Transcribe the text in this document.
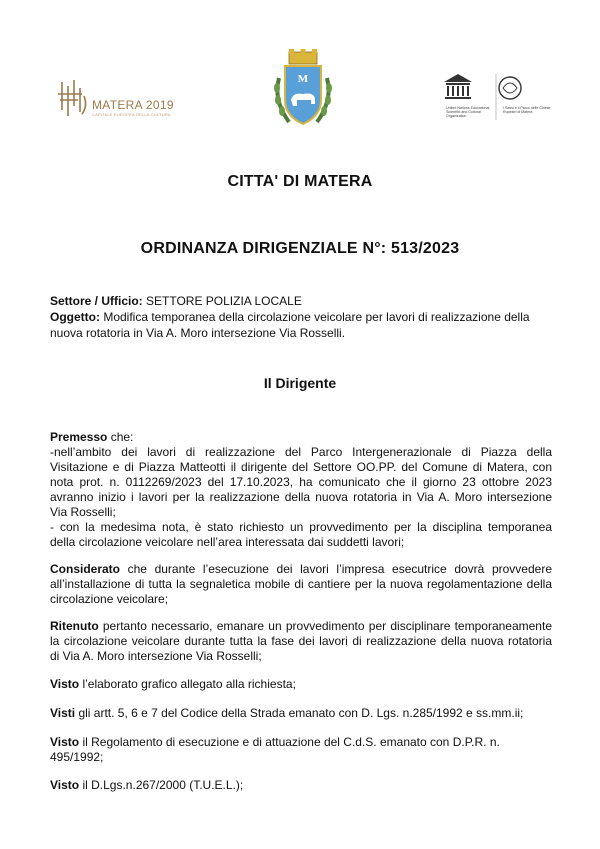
MATERA 2019
CAPITALE EUROPEA DELLA CULTURA
M
United Nations Educational, Scientific and Cultural Organization
I Sassi e il Parco delle Chiese Rupestri di Matera
CITTA' DI MATERA
ORDINANZA DIRIGENZIALE N°: 513/2023
Settore / Ufficio: SETTORE POLIZIA LOCALE
Oggetto: Modifica temporanea della circolazione veicolare per lavori di realizzazione della
nuova rotatoria in Via A. Moro intersezione Via Rosselli.
Il Dirigente
Premesso che:
-nell’ambito dei lavori di realizzazione del Parco Intergenerazionale di Piazza della
Visitazione e di Piazza Matteotti il dirigente del Settore OO.PP. del Comune di Matera, con
nota prot. n. 0112269/2023 del 17.10.2023, ha comunicato che il giorno 23 ottobre 2023
avranno inizio i lavori per la realizzazione della nuova rotatoria in Via A. Moro intersezione
Via Rosselli;
- con la medesima nota, è stato richiesto un provvedimento per la disciplina temporanea
della circolazione veicolare nell’area interessata dai suddetti lavori;
Considerato che durante l’esecuzione dei lavori l’impresa esecutrice dovrà provvedere
all’installazione di tutta la segnaletica mobile di cantiere per la nuova regolamentazione della
circolazione veicolare;
Ritenuto pertanto necessario, emanare un provvedimento per disciplinare temporaneamente
la circolazione veicolare durante tutta la fase dei lavori di realizzazione della nuova rotatoria
di Via A. Moro intersezione Via Rosselli;
Visto l’elaborato grafico allegato alla richiesta;
Visti gli artt. 5, 6 e 7 del Codice della Strada emanato con D. Lgs. n.285/1992 e ss.mm.ii;
Visto il Regolamento di esecuzione e di attuazione del C.d.S. emanato con D.P.R. n.
495/1992;
Visto il D.Lgs.n.267/2000 (T.U.E.L.);
